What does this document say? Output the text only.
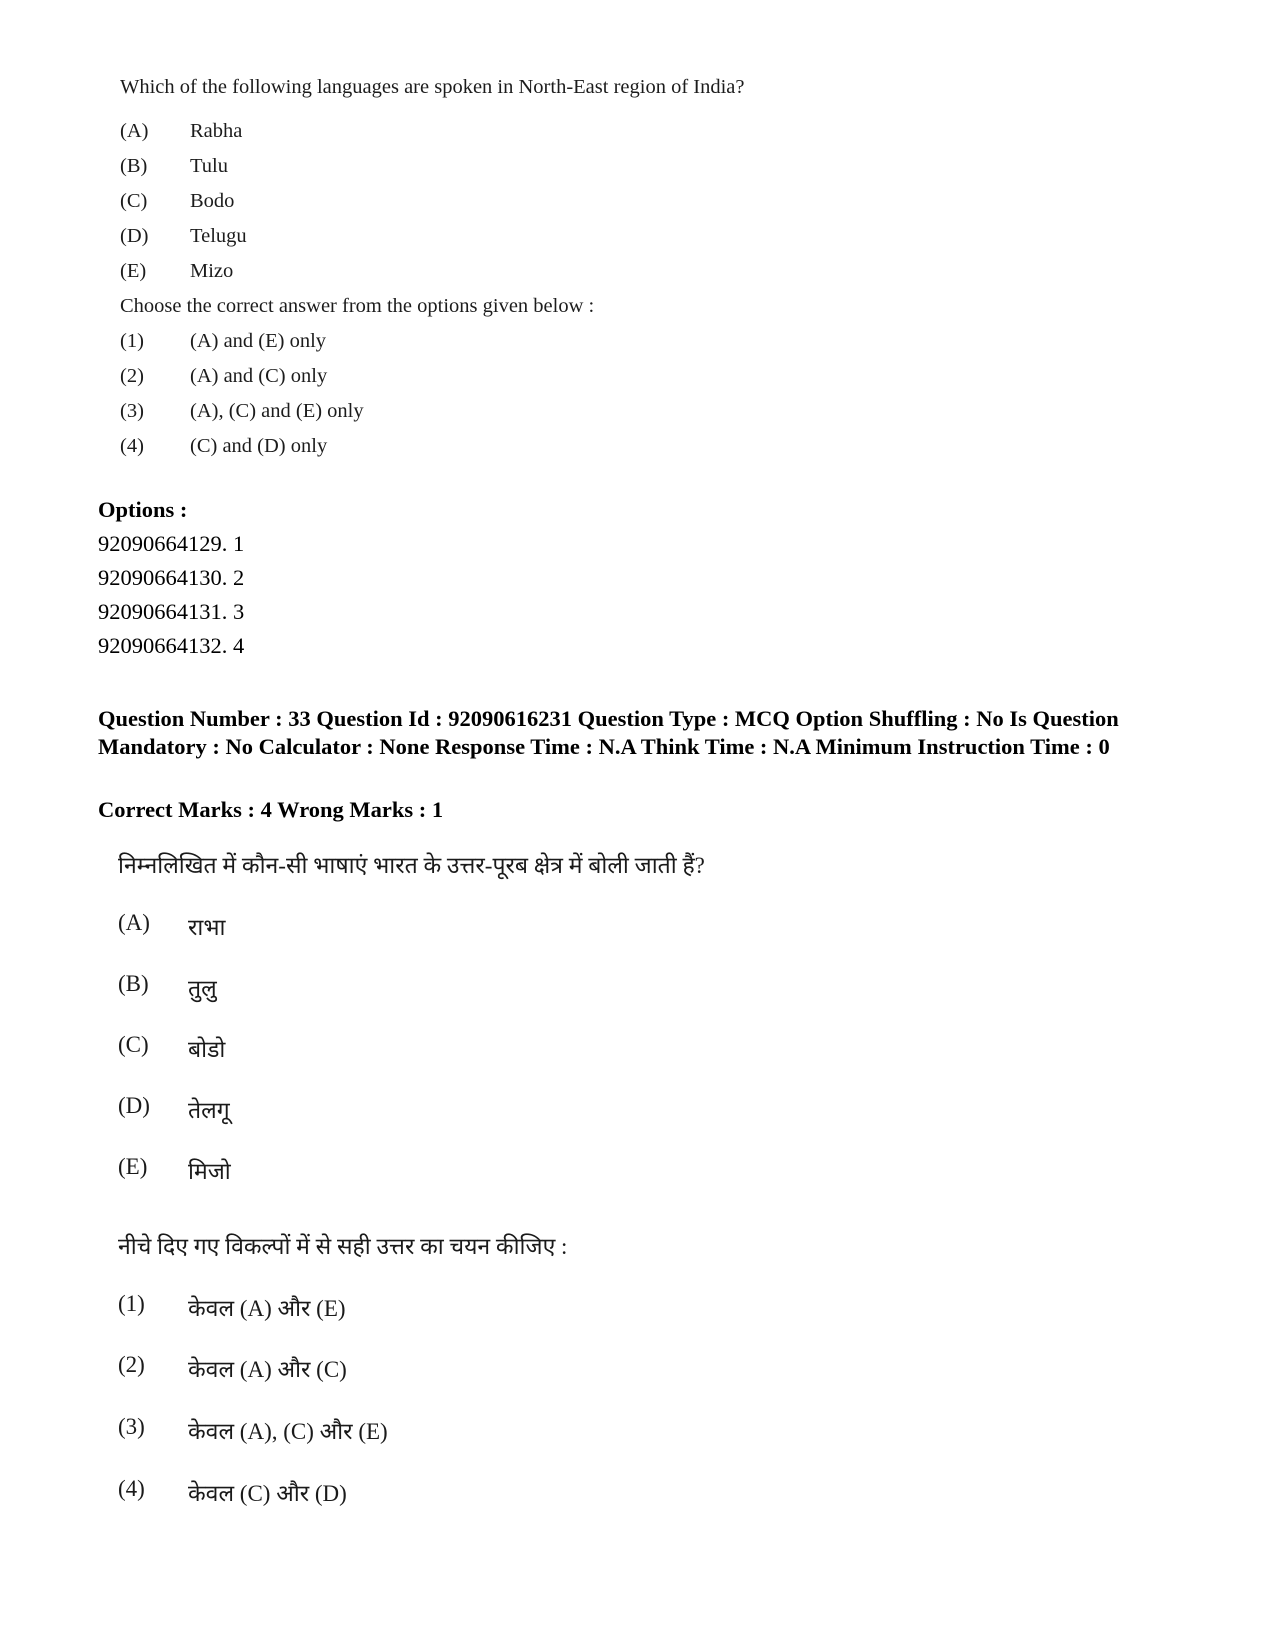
Which of the following languages are spoken in North-East region of India?
(A) Rabha
(B) Tulu
(C) Bodo
(D) Telugu
(E) Mizo
Choose the correct answer from the options given below :
(1) (A) and (E) only
(2) (A) and (C) only
(3) (A), (C) and (E) only
(4) (C) and (D) only
Options :
92090664129. 1
92090664130. 2
92090664131. 3
92090664132. 4
Question Number : 33 Question Id : 92090616231 Question Type : MCQ Option Shuffling : No Is Question Mandatory : No Calculator : None Response Time : N.A Think Time : N.A Minimum Instruction Time : 0
Correct Marks : 4 Wrong Marks : 1
निम्नलिखित में कौन-सी भाषाएं भारत के उत्तर-पूरब क्षेत्र में बोली जाती हैं?
(A) राभा
(B) तुलु
(C) बोडो
(D) तेलगू
(E) मिजो
नीचे दिए गए विकल्पों में से सही उत्तर का चयन कीजिए :
(1) केवल (A) और (E)
(2) केवल (A) और (C)
(3) केवल (A), (C) और (E)
(4) केवल (C) और (D)
